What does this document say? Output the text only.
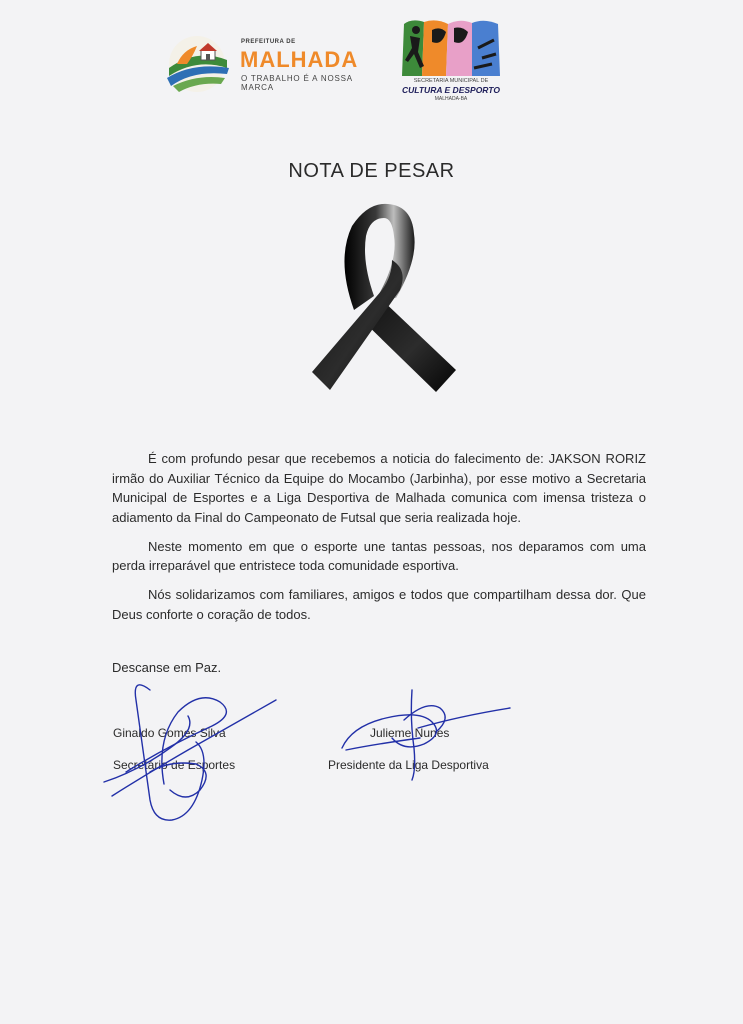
PREFEITURA DE
MALHADA
O TRABALHO É A NOSSA MARCA
SECRETARIA MUNICIPAL DE
CULTURA E DESPORTO
MALHADA-BA
NOTA DE PESAR

É com profundo pesar que recebemos a noticia do falecimento de: JAKSON RORIZ irmão do Auxiliar Técnico da Equipe do Mocambo (Jarbinha), por esse motivo a Secretaria Municipal de Esportes e a Liga Desportiva de Malhada comunica com imensa tristeza o adiamento da Final do Campeonato de Futsal que seria realizada hoje.

Neste momento em que o esporte une tantas pessoas, nos deparamos com uma perda irreparável que entristece toda comunidade esportiva.

Nós solidarizamos com familiares, amigos e todos que compartilham dessa dor. Que Deus conforte o coração de todos.

Descanse em Paz.
Ginaldo Gomes Silva
Secretário de Esportes
Julieme Nunes
Presidente da Liga Desportiva
